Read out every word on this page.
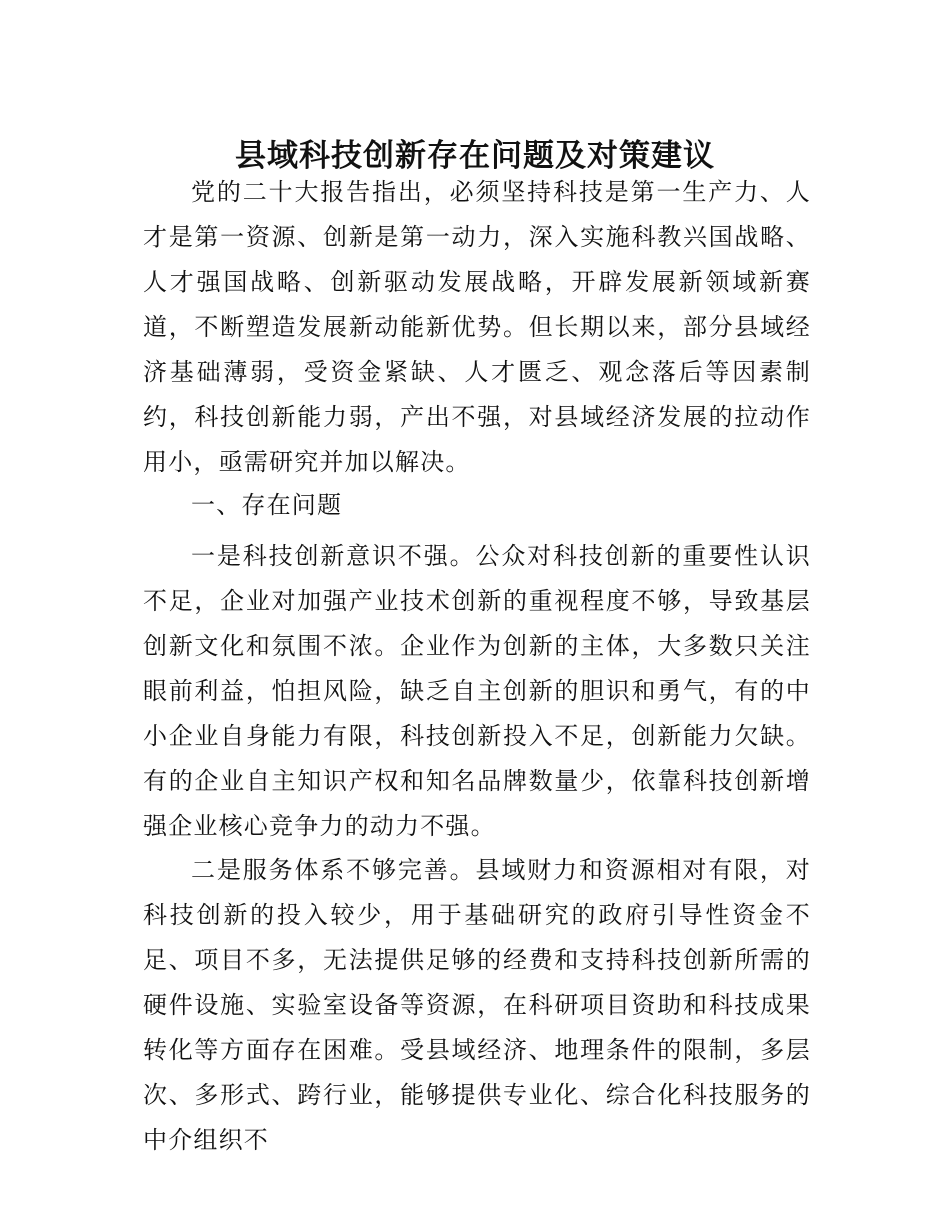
县域科技创新存在问题及对策建议

党的二十大报告指出，必须坚持科技是第一生产力、人才是第一资源、创新是第一动力，深入实施科教兴国战略、人才强国战略、创新驱动发展战略，开辟发展新领域新赛道，不断塑造发展新动能新优势。但长期以来，部分县域经济基础薄弱，受资金紧缺、人才匮乏、观念落后等因素制约，科技创新能力弱，产出不强，对县域经济发展的拉动作用小，亟需研究并加以解决。

一、存在问题

一是科技创新意识不强。公众对科技创新的重要性认识不足，企业对加强产业技术创新的重视程度不够，导致基层创新文化和氛围不浓。企业作为创新的主体，大多数只关注眼前利益，怕担风险，缺乏自主创新的胆识和勇气，有的中小企业自身能力有限，科技创新投入不足，创新能力欠缺。有的企业自主知识产权和知名品牌数量少，依靠科技创新增强企业核心竞争力的动力不强。

二是服务体系不够完善。县域财力和资源相对有限，对科技创新的投入较少，用于基础研究的政府引导性资金不足、项目不多，无法提供足够的经费和支持科技创新所需的硬件设施、实验室设备等资源，在科研项目资助和科技成果转化等方面存在困难。受县域经济、地理条件的限制，多层次、多形式、跨行业，能够提供专业化、综合化科技服务的中介组织不
